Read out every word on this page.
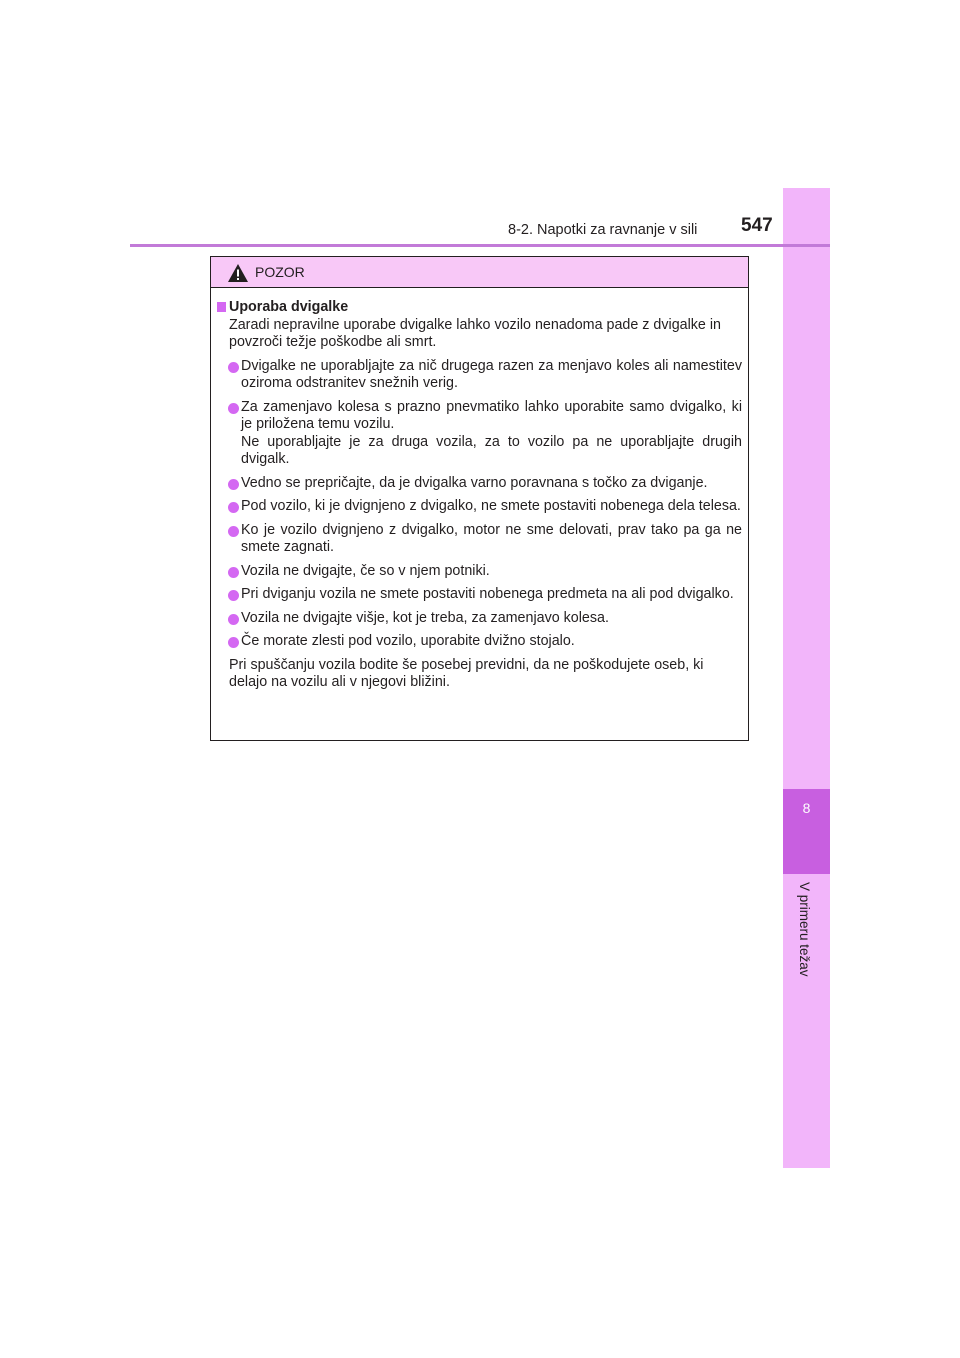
8
V primeru težav
8-2. Napotki za ravnanje v sili 547
POZOR
Uporaba dvigalke
Zaradi nepravilne uporabe dvigalke lahko vozilo nenadoma pade z dvigalke in povzroči težje poškodbe ali smrt.
Dvigalke ne uporabljajte za nič drugega razen za menjavo koles ali namestitev oziroma odstranitev snežnih verig.
Za zamenjavo kolesa s prazno pnevmatiko lahko uporabite samo dvigalko, ki je priložena temu vozilu.
Ne uporabljajte je za druga vozila, za to vozilo pa ne uporabljajte drugih dvigalk.
Vedno se prepričajte, da je dvigalka varno poravnana s točko za dviganje.
Pod vozilo, ki je dvignjeno z dvigalko, ne smete postaviti nobenega dela telesa.
Ko je vozilo dvignjeno z dvigalko, motor ne sme delovati, prav tako pa ga ne smete zagnati.
Vozila ne dvigajte, če so v njem potniki.
Pri dviganju vozila ne smete postaviti nobenega predmeta na ali pod dvigalko.
Vozila ne dvigajte višje, kot je treba, za zamenjavo kolesa.
Če morate zlesti pod vozilo, uporabite dvižno stojalo.
Pri spuščanju vozila bodite še posebej previdni, da ne poškodujete oseb, ki delajo na vozilu ali v njegovi bližini.
